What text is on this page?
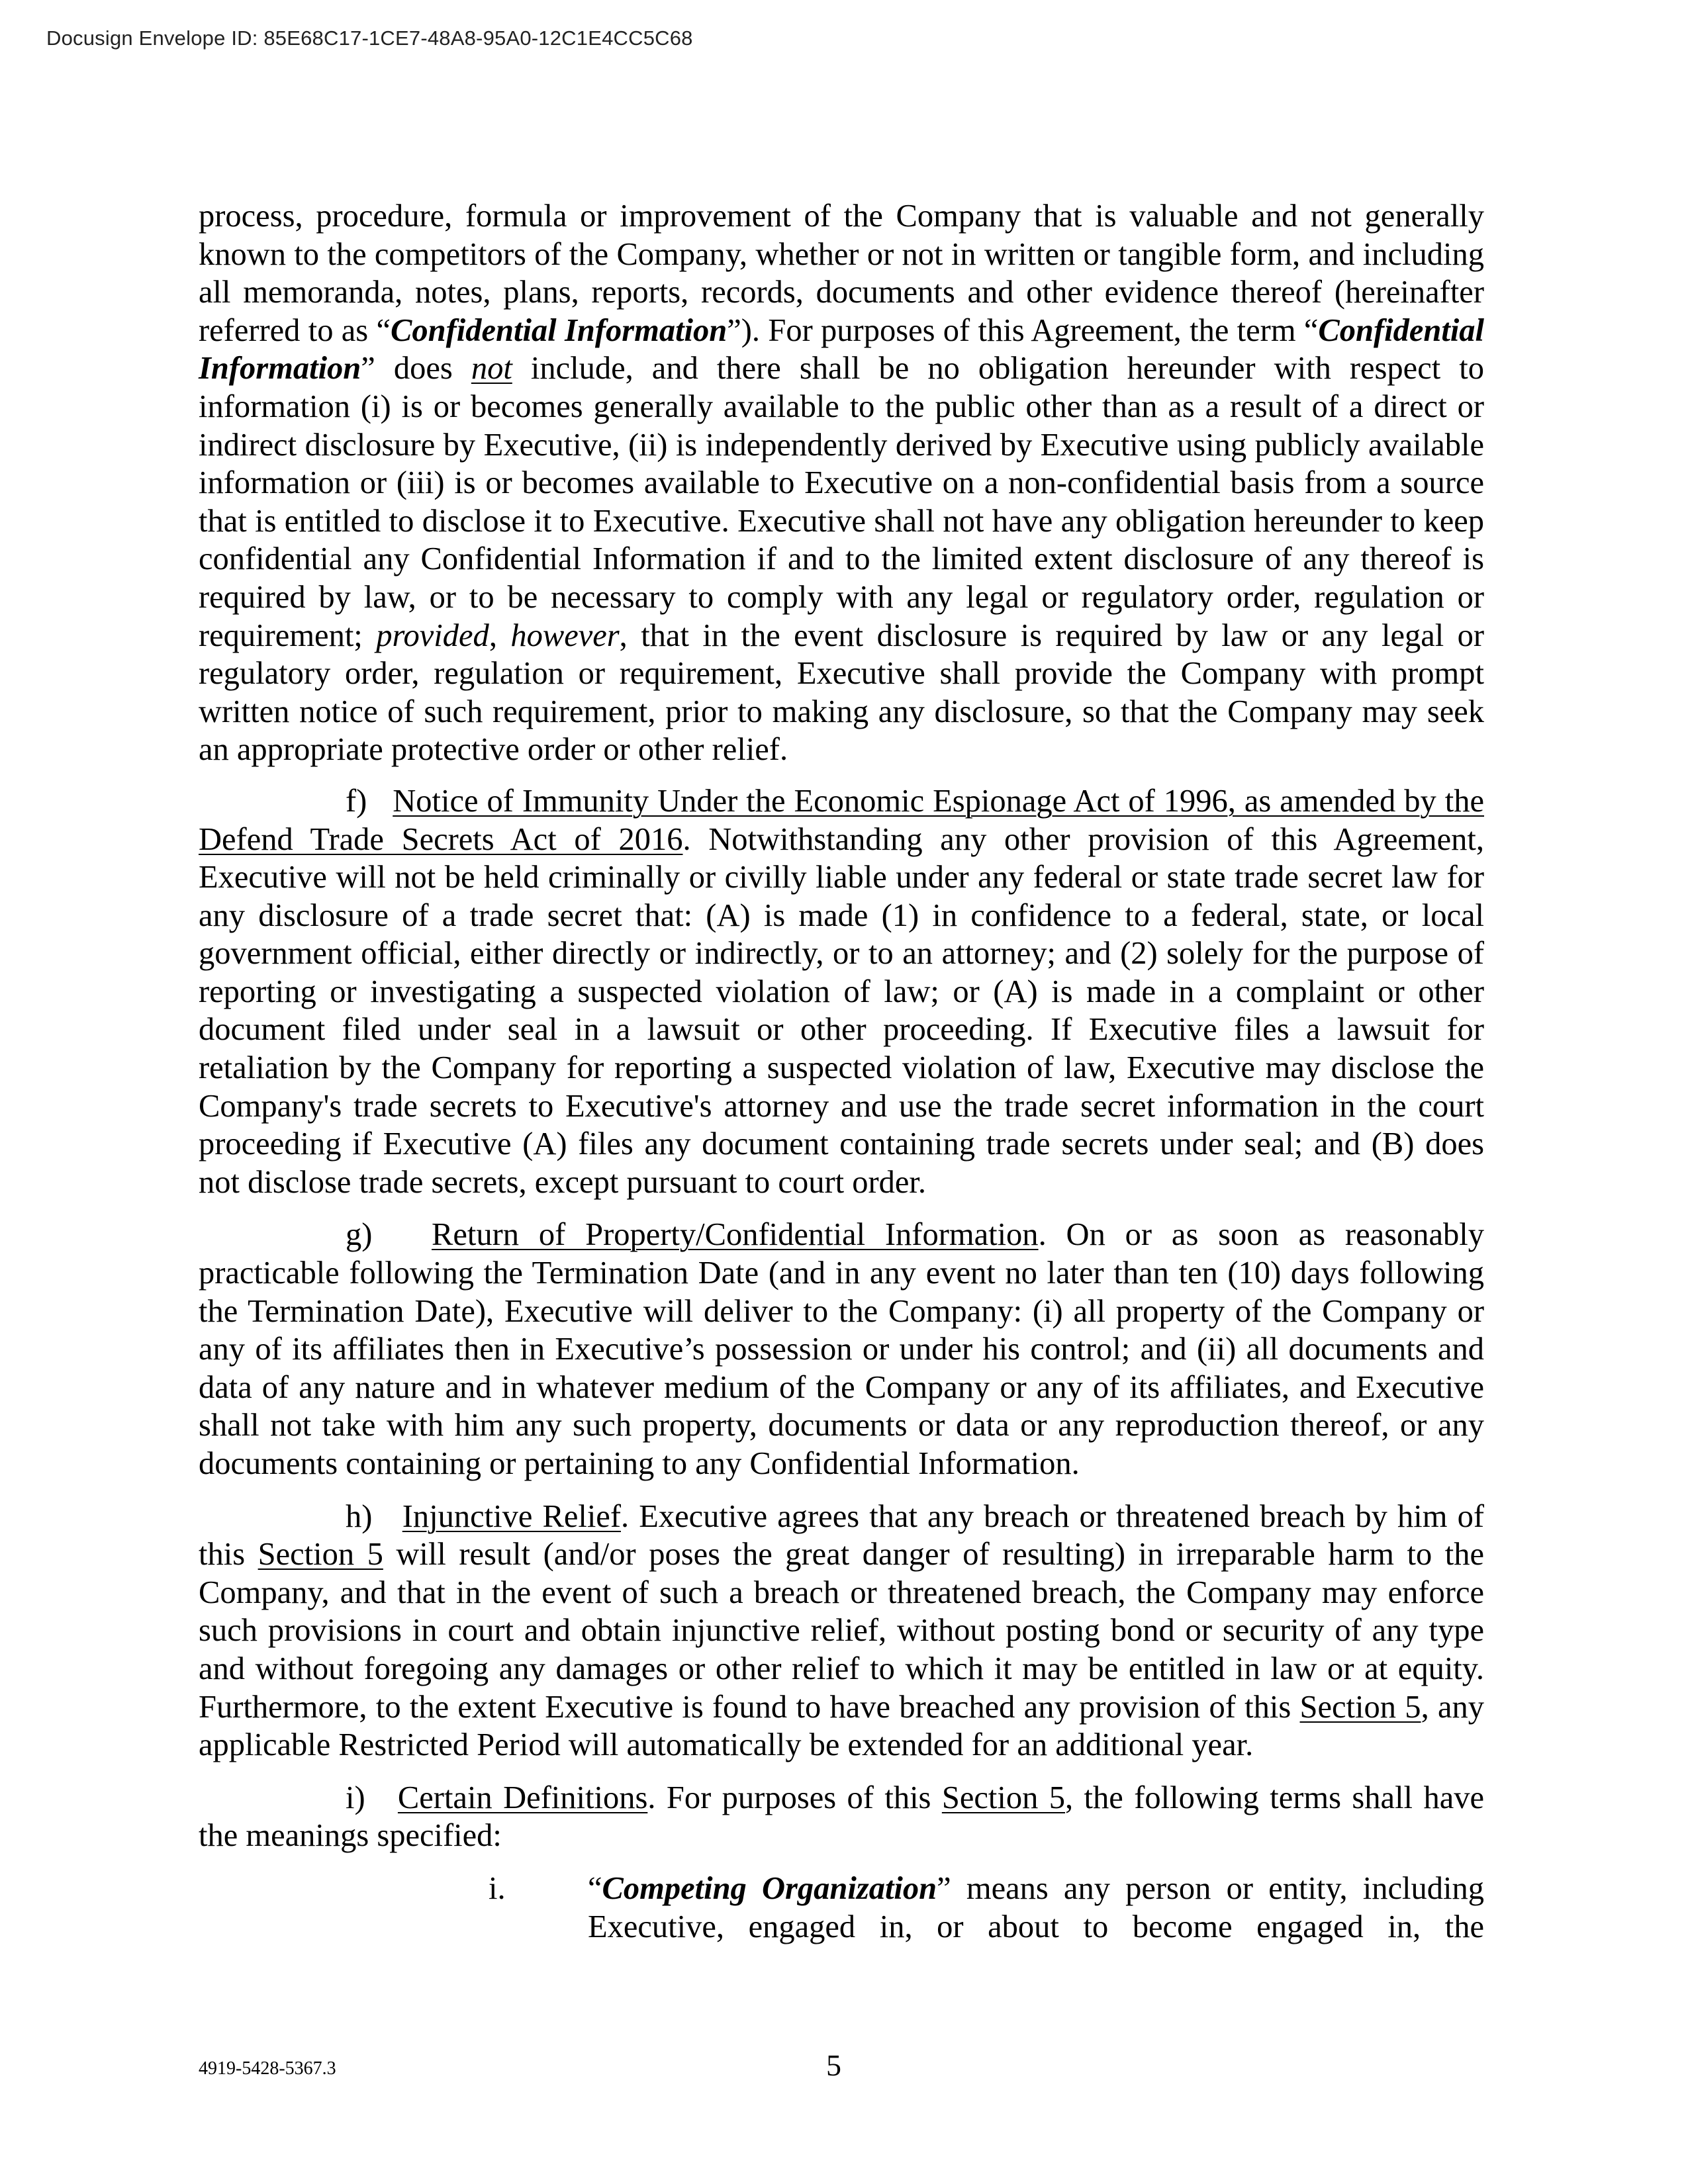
Docusign Envelope ID: 85E68C17-1CE7-48A8-95A0-12C1E4CC5C68

process, procedure, formula or improvement of the Company that is valuable and not generally known to the competitors of the Company, whether or not in written or tangible form, and including all memoranda, notes, plans, reports, records, documents and other evidence thereof (hereinafter referred to as “Confidential Information”). For purposes of this Agreement, the term “Confidential Information” does not include, and there shall be no obligation hereunder with respect to information (i) is or becomes generally available to the public other than as a result of a direct or indirect disclosure by Executive, (ii) is independently derived by Executive using publicly available information or (iii) is or becomes available to Executive on a non-confidential basis from a source that is entitled to disclose it to Executive. Executive shall not have any obligation hereunder to keep confidential any Confidential Information if and to the limited extent disclosure of any thereof is required by law, or to be necessary to comply with any legal or regulatory order, regulation or requirement; provided, however, that in the event disclosure is required by law or any legal or regulatory order, regulation or requirement, Executive shall provide the Company with prompt written notice of such requirement, prior to making any disclosure, so that the Company may seek an appropriate protective order or other relief.

f) Notice of Immunity Under the Economic Espionage Act of 1996, as amended by the Defend Trade Secrets Act of 2016. Notwithstanding any other provision of this Agreement, Executive will not be held criminally or civilly liable under any federal or state trade secret law for any disclosure of a trade secret that: (A) is made (1) in confidence to a federal, state, or local government official, either directly or indirectly, or to an attorney; and (2) solely for the purpose of reporting or investigating a suspected violation of law; or (A) is made in a complaint or other document filed under seal in a lawsuit or other proceeding. If Executive files a lawsuit for retaliation by the Company for reporting a suspected violation of law, Executive may disclose the Company's trade secrets to Executive's attorney and use the trade secret information in the court proceeding if Executive (A) files any document containing trade secrets under seal; and (B) does not disclose trade secrets, except pursuant to court order.

g) Return of Property/Confidential Information. On or as soon as reasonably practicable following the Termination Date (and in any event no later than ten (10) days following the Termination Date), Executive will deliver to the Company: (i) all property of the Company or any of its affiliates then in Executive’s possession or under his control; and (ii) all documents and data of any nature and in whatever medium of the Company or any of its affiliates, and Executive shall not take with him any such property, documents or data or any reproduction thereof, or any documents containing or pertaining to any Confidential Information.

h) Injunctive Relief. Executive agrees that any breach or threatened breach by him of this Section 5 will result (and/or poses the great danger of resulting) in irreparable harm to the Company, and that in the event of such a breach or threatened breach, the Company may enforce such provisions in court and obtain injunctive relief, without posting bond or security of any type and without foregoing any damages or other relief to which it may be entitled in law or at equity. Furthermore, to the extent Executive is found to have breached any provision of this Section 5, any applicable Restricted Period will automatically be extended for an additional year.

i) Certain Definitions. For purposes of this Section 5, the following terms shall have the meanings specified:

i.	“Competing Organization” means any person or entity, including Executive, engaged in, or about to become engaged in, the
4919-5428-5367.3	5
